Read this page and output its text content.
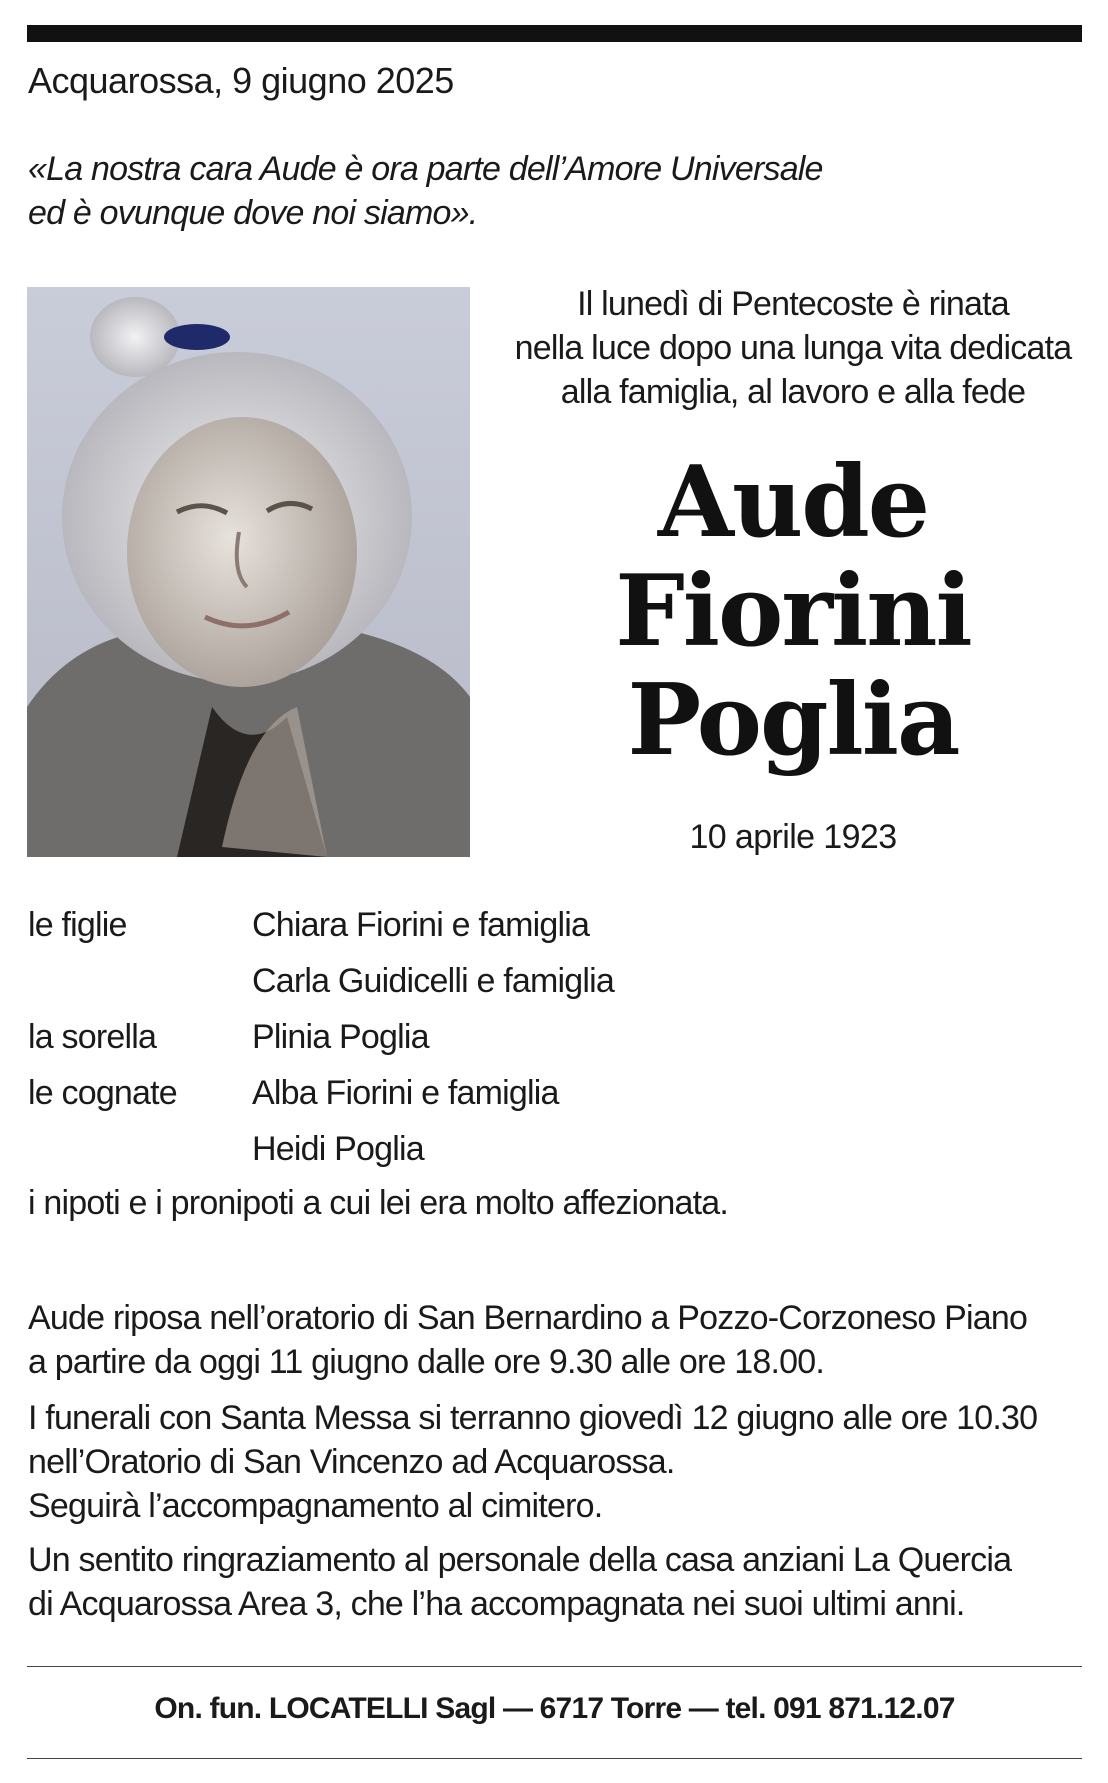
Acquarossa, 9 giugno 2025
«La nostra cara Aude è ora parte dell’Amore Universale
ed è ovunque dove noi siamo».
Il lunedì di Pentecoste è rinata
nella luce dopo una lunga vita dedicata
alla famiglia, al lavoro e alla fede
Aude
Fiorini
Poglia
10 aprile 1923
le figlie	Chiara Fiorini e famiglia
Carla Guidicelli e famiglia
la sorella	Plinia Poglia
le cognate Alba Fiorini e famiglia
Heidi Poglia
i nipoti e i pronipoti a cui lei era molto affezionata.
Aude riposa nell’oratorio di San Bernardino a Pozzo-Corzoneso Piano
a partire da oggi 11 giugno dalle ore 9.30 alle ore 18.00.
I funerali con Santa Messa si terranno giovedì 12 giugno alle ore 10.30
nell’Oratorio di San Vincenzo ad Acquarossa.
Seguirà l’accompagnamento al cimitero.
Un sentito ringraziamento al personale della casa anziani La Quercia
di Acquarossa Area 3, che l’ha accompagnata nei suoi ultimi anni.
On. fun. LOCATELLI Sagl — 6717 Torre — tel. 091 871.12.07
